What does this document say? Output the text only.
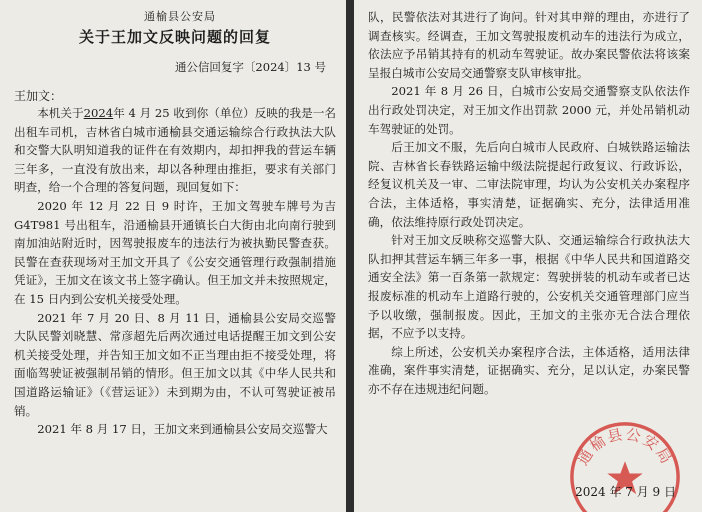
通榆县公安局
关于王加文反映问题的回复
通公信回复字〔2024〕13 号
王加文：

本机关于2024年 4 月 25 收到你（单位）反映的我是一名出租车司机，吉林省白城市通榆县交通运输综合行政执法大队和交警大队明知道我的证件在有效期内，却扣押我的营运车辆三年多，一直没有放出来，却以各种理由推拒，要求有关部门明查，给一个合理的答复问题，现回复如下：

2020 年 12 月 22 日 9 时许，王加文驾驶车牌号为吉 G4T981 号出租车，沿通榆县开通镇长白大街由北向南行驶到南加油站附近时，因驾驶报废车的违法行为被执勤民警查获。民警在查获现场对王加文开具了《公安交通管理行政强制措施凭证》，王加文在该文书上签字确认。但王加文并未按照规定，在 15 日内到公安机关接受处理。

2021 年 7 月 20 日、8 月 11 日，通榆县公安局交巡警大队民警刘晓慧、常彦超先后两次通过电话提醒王加文到公安机关接受处理，并告知王加文如不正当理由拒不接受处理，将面临驾驶证被强制吊销的情形。但王加文以其《中华人民共和国道路运输证》（《营运证》）未到期为由，不认可驾驶证被吊销。

2021 年 8 月 17 日，王加文来到通榆县公安局交巡警大

队，民警依法对其进行了询问。针对其申辩的理由，亦进行了调查核实。经调查，王加文驾驶报废机动车的违法行为成立，依法应予吊销其持有的机动车驾驶证。故办案民警依法将该案呈报白城市公安局交通警察支队审核审批。

2021 年 8 月 26 日，白城市公安局交通警察支队依法作出行政处罚决定，对王加文作出罚款 2000 元，并处吊销机动车驾驶证的处罚。

后王加文不服，先后向白城市人民政府、白城铁路运输法院、吉林省长春铁路运输中级法院提起行政复议、行政诉讼，经复议机关及一审、二审法院审理，均认为公安机关办案程序合法，主体适格，事实清楚，证据确实、充分，法律适用准确，依法维持原行政处罚决定。

针对王加文反映称交巡警大队、交通运输综合行政执法大队扣押其营运车辆三年多一事，根据《中华人民共和国道路交通安全法》第一百条第一款规定：驾驶拼装的机动车或者已达报废标准的机动车上道路行驶的，公安机关交通管理部门应当予以收缴，强制报废。因此，王加文的主张亦无合法合理依据，不应予以支持。

综上所述，公安机关办案程序合法，主体适格，适用法律准确，案件事实清楚，证据确实、充分，足以认定，办案民警亦不存在违规违纪问题。

通榆县公安局
2024 年 7 月 9 日
